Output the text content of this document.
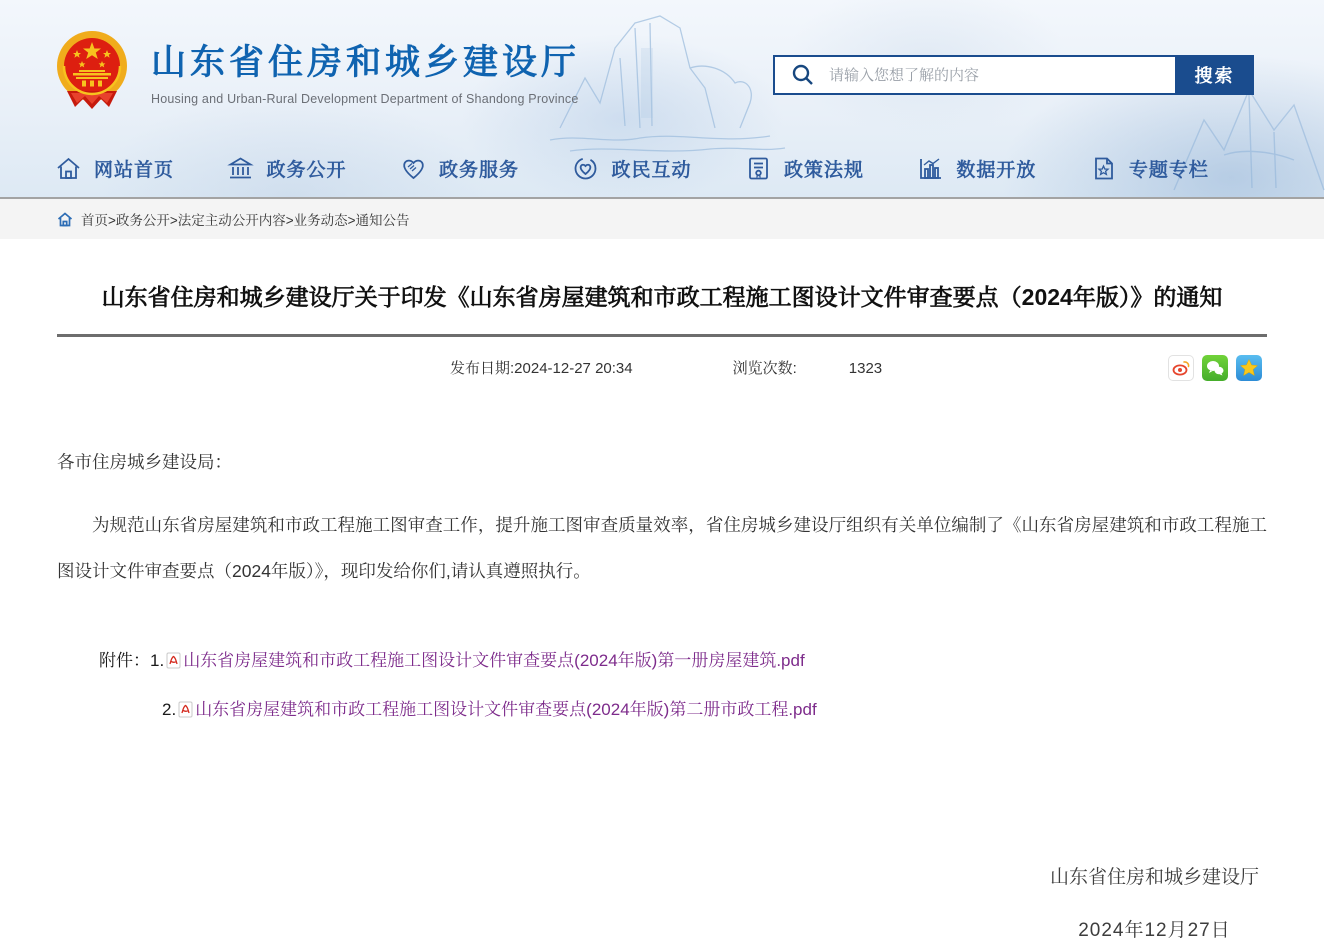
山东省住房和城乡建设厅
Housing and Urban-Rural Development Department of Shandong Province
请输入您想了解的内容
搜索
网站首页	政务公开	政务服务	政民互动	政策法规	数据开放	专题专栏
首页>政务公开>法定主动公开内容>业务动态>通知公告
山东省住房和城乡建设厅关于印发《山东省房屋建筑和市政工程施工图设计文件审查要点（2024年版）》的通知
发布日期:2024-12-27 20:34	浏览次数:	1323

各市住房城乡建设局：

为规范山东省房屋建筑和市政工程施工图审查工作，提升施工图审查质量效率，省住房城乡建设厅组织有关单位编制了《山东省房屋建筑和市政工程施工图设计文件审查要点（2024年版）》，现印发给你们,请认真遵照执行。

附件：1. 山东省房屋建筑和市政工程施工图设计文件审查要点(2024年版)第一册房屋建筑.pdf
2. 山东省房屋建筑和市政工程施工图设计文件审查要点(2024年版)第二册市政工程.pdf
山东省住房和城乡建设厅
2024年12月27日
